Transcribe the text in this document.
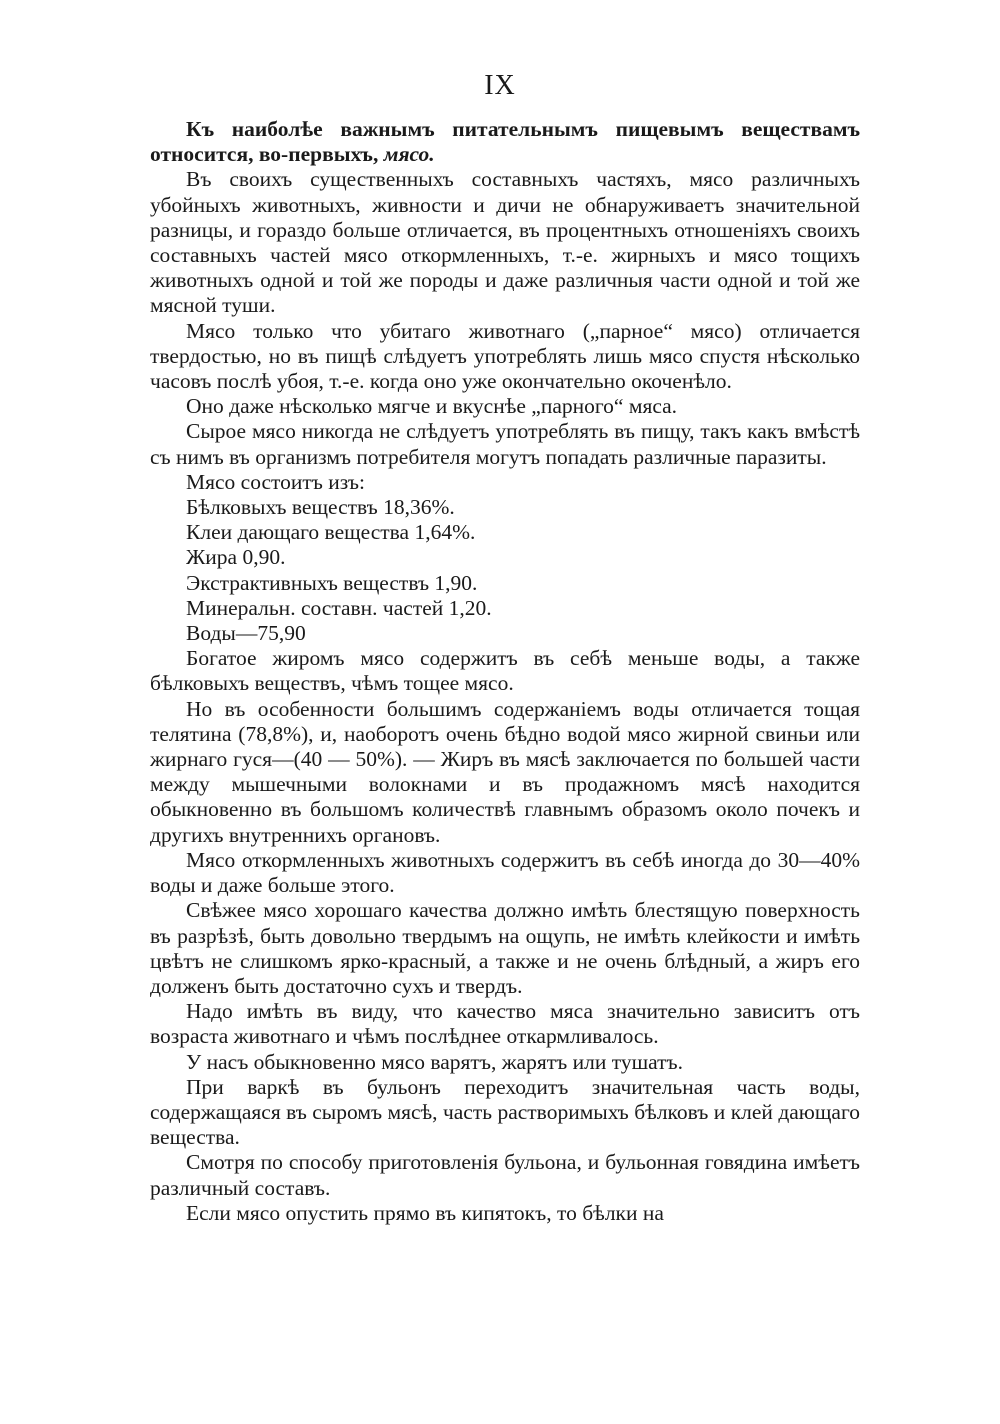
IX

Къ наиболѣе важнымъ питательнымъ пищевымъ веществамъ относится, во-первыхъ, мясо.

Въ своихъ существенныхъ составныхъ частяхъ, мясо различныхъ убойныхъ животныхъ, живности и дичи не обнаруживаетъ значительной разницы, и гораздо больше отличается, въ процентныхъ отношеніяхъ своихъ составныхъ частей мясо откормленныхъ, т.-е. жирныхъ и мясо тощихъ животныхъ одной и той же породы и даже различныя части одной и той же мясной туши.

Мясо только что убитаго животнаго („парное“ мясо) отличается твердостью, но въ пищѣ слѣдуетъ употреблять лишь мясо спустя нѣсколько часовъ послѣ убоя, т.-е. когда оно уже окончательно окоченѣло.

Оно даже нѣсколько мягче и вкуснѣе „парного“ мяса.

Сырое мясо никогда не слѣдуетъ употреблять въ пищу, такъ какъ вмѣстѣ съ нимъ въ организмъ потребителя могутъ попадать различные паразиты.

Мясо состоитъ изъ:
Бѣлковыхъ веществъ 18,36%.
Клеи дающаго вещества 1,64%.
Жира 0,90.
Экстрактивныхъ веществъ 1,90.
Минеральн. составн. частей 1,20.
Воды—75,90

Богатое жиромъ мясо содержитъ въ себѣ меньше воды, а также бѣлковыхъ веществъ, чѣмъ тощее мясо.

Но въ особенности большимъ содержаніемъ воды отличается тощая телятина (78,8%), и, наоборотъ очень бѣдно водой мясо жирной свиньи или жирнаго гуся—(40 — 50%). — Жиръ въ мясѣ заключается по большей части между мышечными волокнами и въ продажномъ мясѣ находится обыкновенно въ большомъ количествѣ главнымъ образомъ около почекъ и другихъ внутреннихъ органовъ.

Мясо откормленныхъ животныхъ содержитъ въ себѣ иногда до 30—40% воды и даже больше этого.

Свѣжее мясо хорошаго качества должно имѣть блестящую поверхность въ разрѣзѣ, быть довольно твердымъ на ощупь, не имѣть клейкости и имѣть цвѣтъ не слишкомъ ярко-красный, а также и не очень блѣдный, а жиръ его долженъ быть достаточно сухъ и твердъ.

Надо имѣть въ виду, что качество мяса значительно зависитъ отъ возраста животнаго и чѣмъ послѣднее откармливалось.

У насъ обыкновенно мясо варятъ, жарятъ или тушатъ.

При варкѣ въ бульонъ переходитъ значительная часть воды, содержащаяся въ сыромъ мясѣ, часть растворимыхъ бѣлковъ и клей дающаго вещества.

Смотря по способу приготовленія бульона, и бульонная говядина имѣетъ различный составъ.

Если мясо опустить прямо въ кипятокъ, то бѣлки на
